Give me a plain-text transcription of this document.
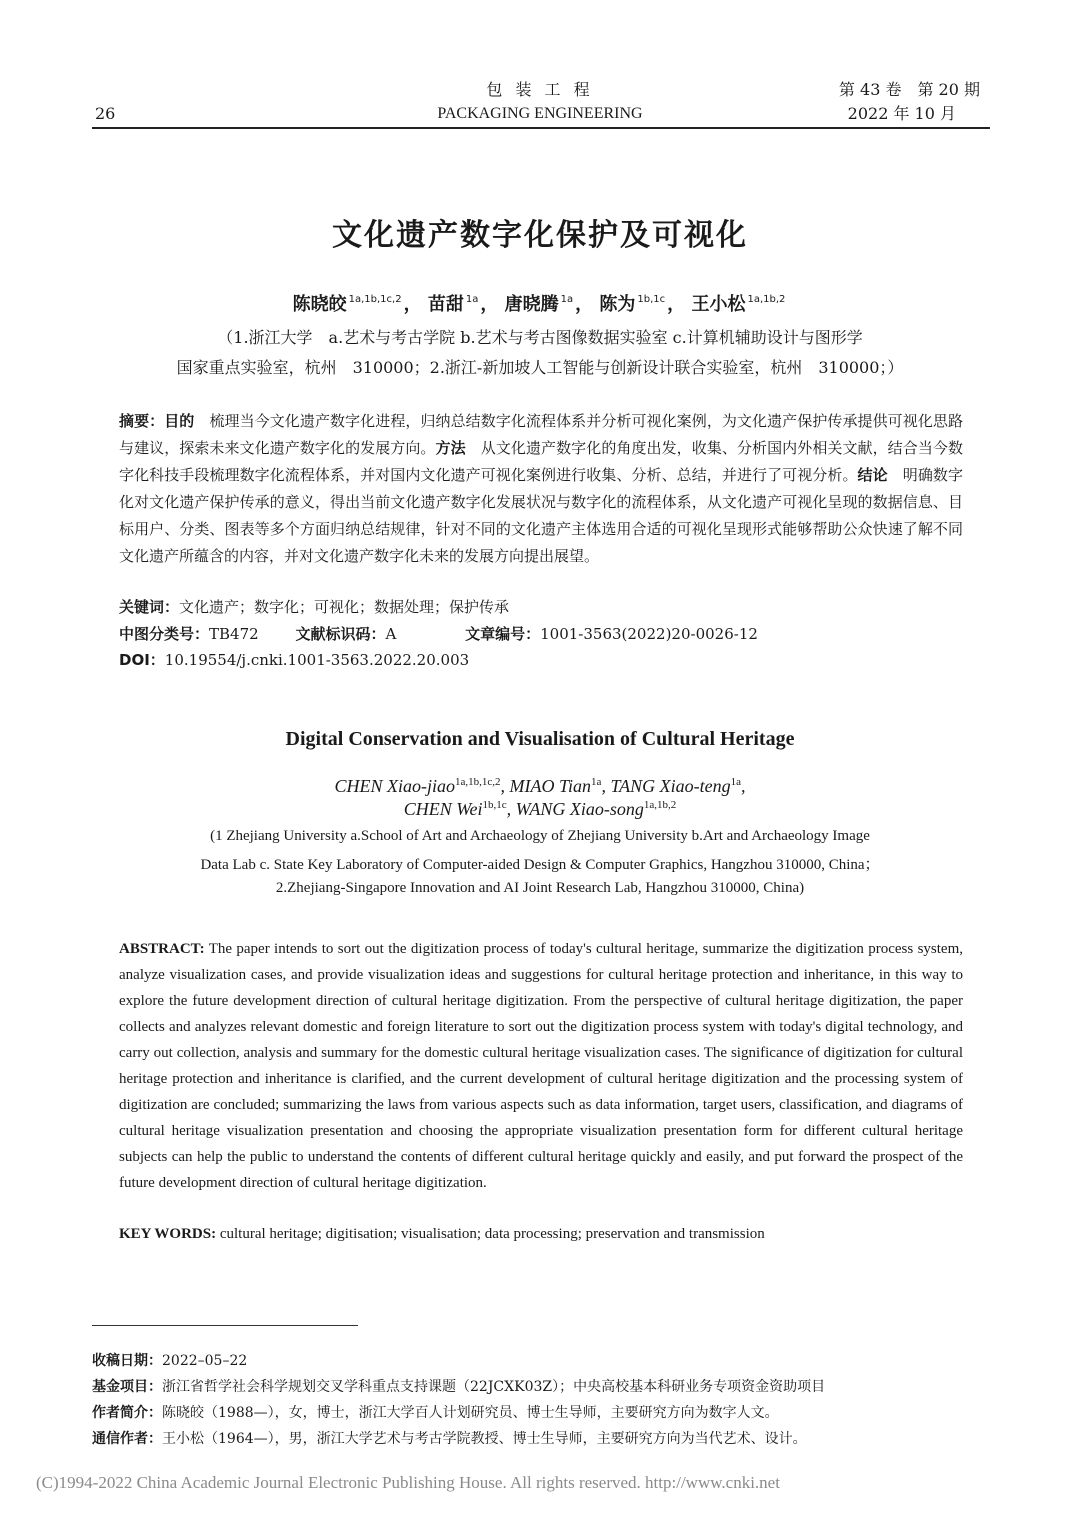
26
包 装 工 程
PACKAGING ENGINEERING
第 43 卷　第 20 期
2022 年 10 月
文化遗产数字化保护及可视化
陈晓皎 $^{1a,1b,1c,2}$ ， 苗甜 $^{1a}$ ， 唐晓腾 $^{1a}$ ， 陈为 $^{1b,1c}$ ， 王小松 $^{1a,1b,2}$
（1.浙江大学　a.艺术与考古学院 b.艺术与考古图像数据实验室 c.计算机辅助设计与图形学
国家重点实验室，杭州　310000；2.浙江-新加坡人工智能与创新设计联合实验室，杭州　310000；）
摘要：目的　 梳理当今文化遗产数字化进程，归纳总结数字化流程体系并分析可视化案例，为文化遗产保护传承提供可视化思路与建议，探索未来文化遗产数字化的发展方向。方法　 从文化遗产数字化的角度出发，收集、分析国内外相关文献，结合当今数字化科技手段梳理数字化流程体系，并对国内文化遗产可视化案例进行收集、分析、总结，并进行了可视分析。结论　 明确数字化对文化遗产保护传承的意义，得出当前文化遗产数字化发展状况与数字化的流程体系，从文化遗产可视化呈现的数据信息、目标用户、分类、图表等多个方面归纳总结规律，针对不同的文化遗产主体选用合适的可视化呈现形式能够帮助公众快速了解不同文化遗产所蕴含的内容，并对文化遗产数字化未来的发展方向提出展望。
关键词：文化遗产；数字化；可视化；数据处理；保护传承
中图分类号：TB472 文献标识码：A	文章编号：1001-3563(2022)20-0026-12
DOI：10.19554/j.cnki.1001-3563.2022.20.003
Digital Conservation and Visualisation of Cultural Heritage
CHEN Xiao-jiao$^{1a,1b,1c,2}$, MIAO Tian$^{1a}$, TANG Xiao-teng$^{1a}$,
CHEN Wei$^{1b,1c}$, WANG Xiao-song$^{1a,1b,2}$
(1 Zhejiang University a.School of Art and Archaeology of Zhejiang University b.Art and Archaeology Image
Data Lab c. State Key Laboratory of Computer-aided Design & Computer Graphics, Hangzhou 310000, China；
2.Zhejiang-Singapore Innovation and AI Joint Research Lab, Hangzhou 310000, China)
ABSTRACT: The paper intends to sort out the digitization process of today's cultural heritage, summarize the digitization process system, analyze visualization cases, and provide visualization ideas and suggestions for cultural heritage protection and inheritance, in this way to explore the future development direction of cultural heritage digitization. From the perspective of cultural heritage digitization, the paper collects and analyzes relevant domestic and foreign literature to sort out the digitization process system with today's digital technology, and carry out collection, analysis and summary for the domestic cultural heritage visualization cases. The significance of digitization for cultural heritage protection and inheritance is clarified, and the current development of cultural heritage digitization and the processing system of digitization are concluded; summarizing the laws from various aspects such as data information, target users, classification, and diagrams of cultural heritage visualization presentation and choosing the appropriate visualization presentation form for different cultural heritage subjects can help the public to understand the contents of different cultural heritage quickly and easily, and put forward the prospect of the future development direction of cultural heritage digitization.
KEY WORDS: cultural heritage; digitisation; visualisation; data processing; preservation and transmission
收稿日期：2022–05–22
基金项目：浙江省哲学社会科学规划交叉学科重点支持课题（22JCXK03Z）；中央高校基本科研业务专项资金资助项目
作者简介：陈晓皎（1988—），女，博士，浙江大学百人计划研究员、博士生导师，主要研究方向为数字人文。
通信作者：王小松（1964—），男，浙江大学艺术与考古学院教授、博士生导师，主要研究方向为当代艺术、设计。
(C)1994-2022 China Academic Journal Electronic Publishing House. All rights reserved. http://www.cnki.net
